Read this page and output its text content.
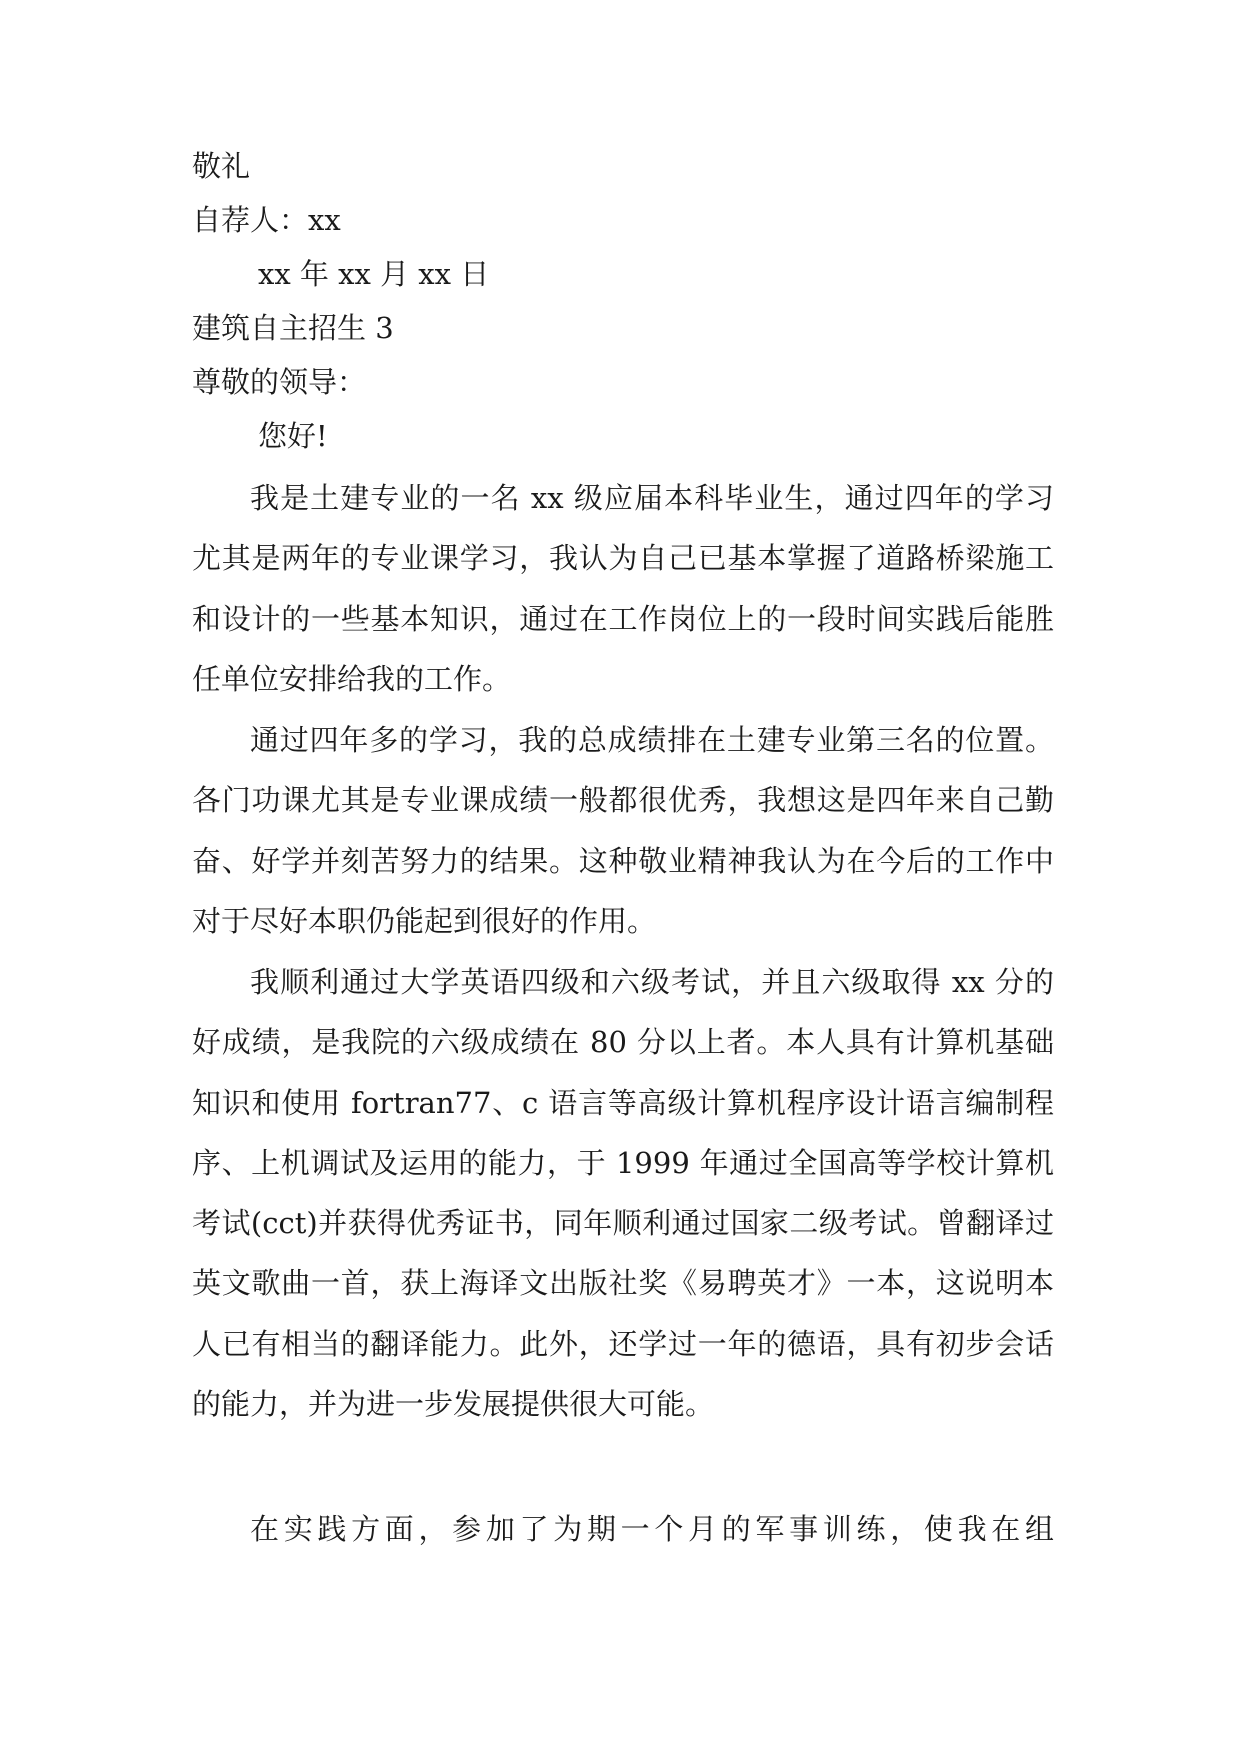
敬礼
自荐人：xx
xx 年 xx 月 xx 日
建筑自主招生 3
尊敬的领导：
您好!

我是土建专业的一名 xx 级应届本科毕业生，通过四年的学习尤其是两年的专业课学习，我认为自己已基本掌握了道路桥梁施工和设计的一些基本知识，通过在工作岗位上的一段时间实践后能胜任单位安排给我的工作。

通过四年多的学习，我的总成绩排在土建专业第三名的位置。各门功课尤其是专业课成绩一般都很优秀，我想这是四年来自己勤奋、好学并刻苦努力的结果。这种敬业精神我认为在今后的工作中对于尽好本职仍能起到很好的作用。

我顺利通过大学英语四级和六级考试，并且六级取得 xx 分的好成绩，是我院的六级成绩在 80 分以上者。本人具有计算机基础知识和使用 fortran77、c 语言等高级计算机程序设计语言编制程序、上机调试及运用的能力，于 1999 年通过全国高等学校计算机考试(cct)并获得优秀证书，同年顺利通过国家二级考试。曾翻译过英文歌曲一首，获上海译文出版社奖《易聘英才》一本，这说明本人已有相当的翻译能力。此外，还学过一年的德语，具有初步会话的能力，并为进一步发展提供很大可能。

在实践方面，参加了为期一个月的军事训练，使我在组
